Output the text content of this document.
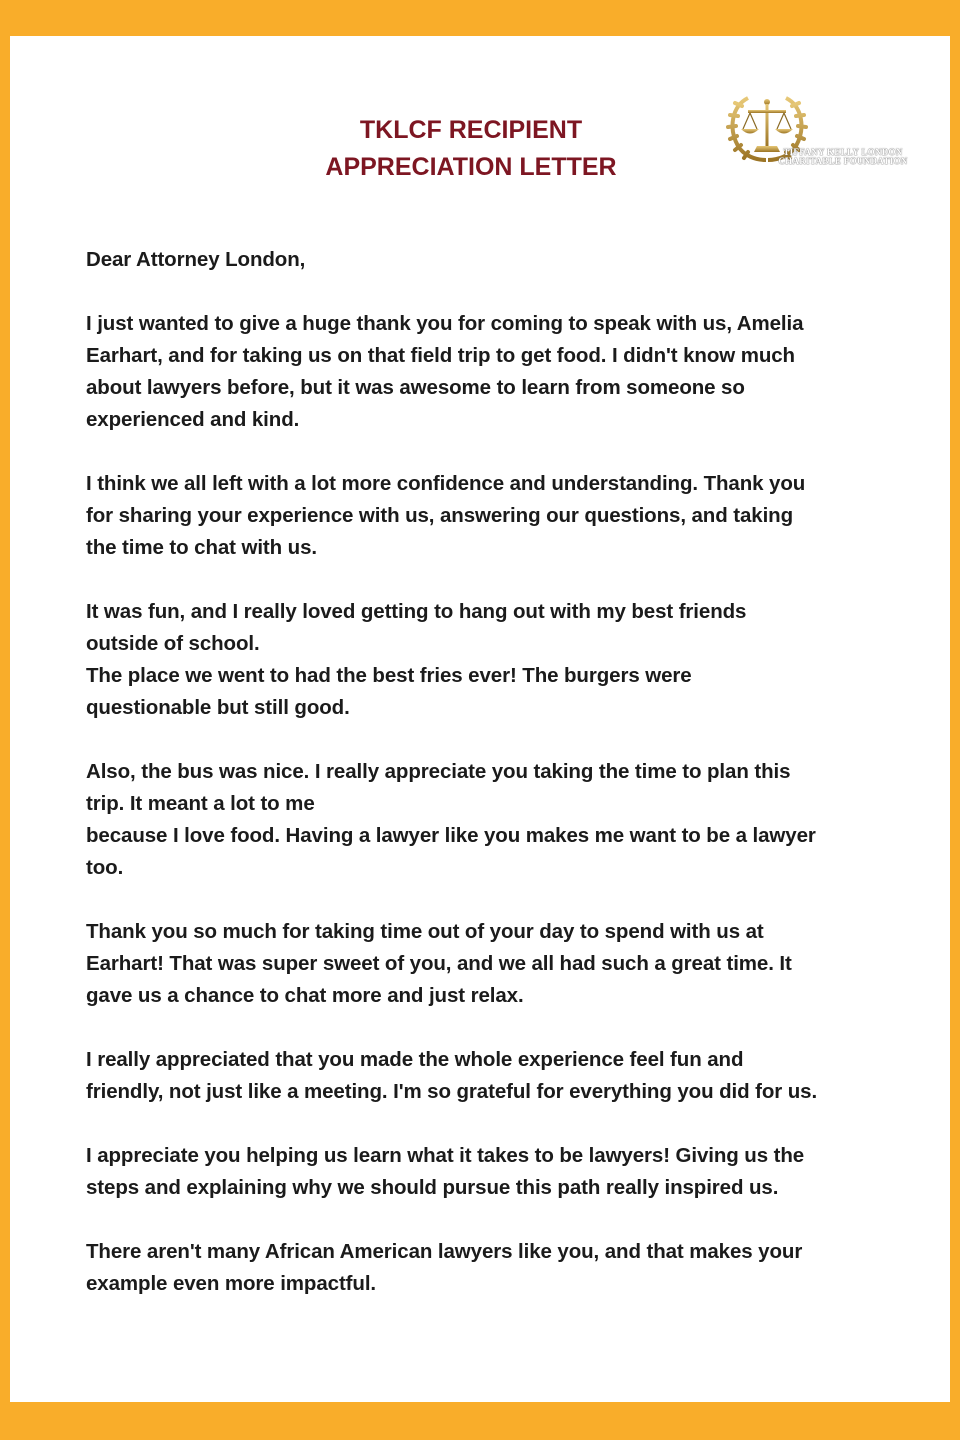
TKLCF RECIPIENT
APPRECIATION LETTER
TIFFANY KELLY LONDON
CHARITABLE FOUNDATION

Dear Attorney London,

I just wanted to give a huge thank you for coming to speak with us, Amelia
Earhart, and for taking us on that field trip to get food. I didn't know much
about lawyers before, but it was awesome to learn from someone so
experienced and kind.

I think we all left with a lot more confidence and understanding. Thank you
for sharing your experience with us, answering our questions, and taking
the time to chat with us.

It was fun, and I really loved getting to hang out with my best friends
outside of school.
The place we went to had the best fries ever! The burgers were
questionable but still good.

Also, the bus was nice. I really appreciate you taking the time to plan this
trip. It meant a lot to me
because I love food. Having a lawyer like you makes me want to be a lawyer
too.

Thank you so much for taking time out of your day to spend with us at
Earhart! That was super sweet of you, and we all had such a great time. It
gave us a chance to chat more and just relax.

I really appreciated that you made the whole experience feel fun and
friendly, not just like a meeting. I'm so grateful for everything you did for us.

I appreciate you helping us learn what it takes to be lawyers! Giving us the
steps and explaining why we should pursue this path really inspired us.

There aren't many African American lawyers like you, and that makes your
example even more impactful.
